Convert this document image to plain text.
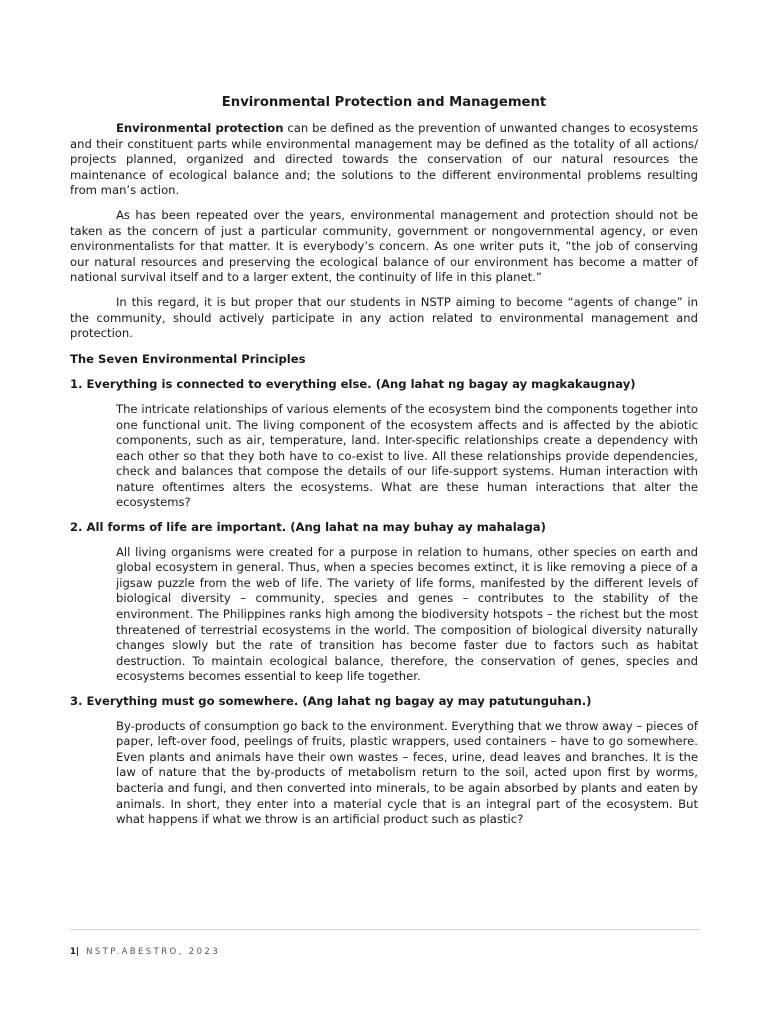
Environmental Protection and Management

Environmental protection can be defined as the prevention of unwanted changes to ecosystems and their constituent parts while environmental management may be defined as the totality of all actions/ projects planned, organized and directed towards the conservation of our natural resources the maintenance of ecological balance and; the solutions to the different environmental problems resulting from man’s action.

As has been repeated over the years, environmental management and protection should not be taken as the concern of just a particular community, government or nongovernmental agency, or even environmentalists for that matter. It is everybody’s concern. As one writer puts it, “the job of conserving our natural resources and preserving the ecological balance of our environment has become a matter of national survival itself and to a larger extent, the continuity of life in this planet.”

In this regard, it is but proper that our students in NSTP aiming to become “agents of change” in the community, should actively participate in any action related to environmental management and protection.

The Seven Environmental Principles

1. Everything is connected to everything else. (Ang lahat ng bagay ay magkakaugnay)

The intricate relationships of various elements of the ecosystem bind the components together into one functional unit. The living component of the ecosystem affects and is affected by the abiotic components, such as air, temperature, land. Inter-specific relationships create a dependency with each other so that they both have to co-exist to live. All these relationships provide dependencies, check and balances that compose the details of our life-support systems. Human interaction with nature oftentimes alters the ecosystems. What are these human interactions that alter the ecosystems?

2. All forms of life are important. (Ang lahat na may buhay ay mahalaga)

All living organisms were created for a purpose in relation to humans, other species on earth and global ecosystem in general. Thus, when a species becomes extinct, it is like removing a piece of a jigsaw puzzle from the web of life. The variety of life forms, manifested by the different levels of biological diversity – community, species and genes – contributes to the stability of the environment. The Philippines ranks high among the biodiversity hotspots – the richest but the most threatened of terrestrial ecosystems in the world. The composition of biological diversity naturally changes slowly but the rate of transition has become faster due to factors such as habitat destruction. To maintain ecological balance, therefore, the conservation of genes, species and ecosystems becomes essential to keep life together.

3. Everything must go somewhere. (Ang lahat ng bagay ay may patutunguhan.)

By-products of consumption go back to the environment. Everything that we throw away – pieces of paper, left-over food, peelings of fruits, plastic wrappers, used containers – have to go somewhere. Even plants and animals have their own wastes – feces, urine, dead leaves and branches. It is the law of nature that the by-products of metabolism return to the soil, acted upon first by worms, bacteria and fungi, and then converted into minerals, to be again absorbed by plants and eaten by animals. In short, they enter into a material cycle that is an integral part of the ecosystem. But what happens if what we throw is an artificial product such as plastic?

1| NSTP.ABESTRO, 2023
